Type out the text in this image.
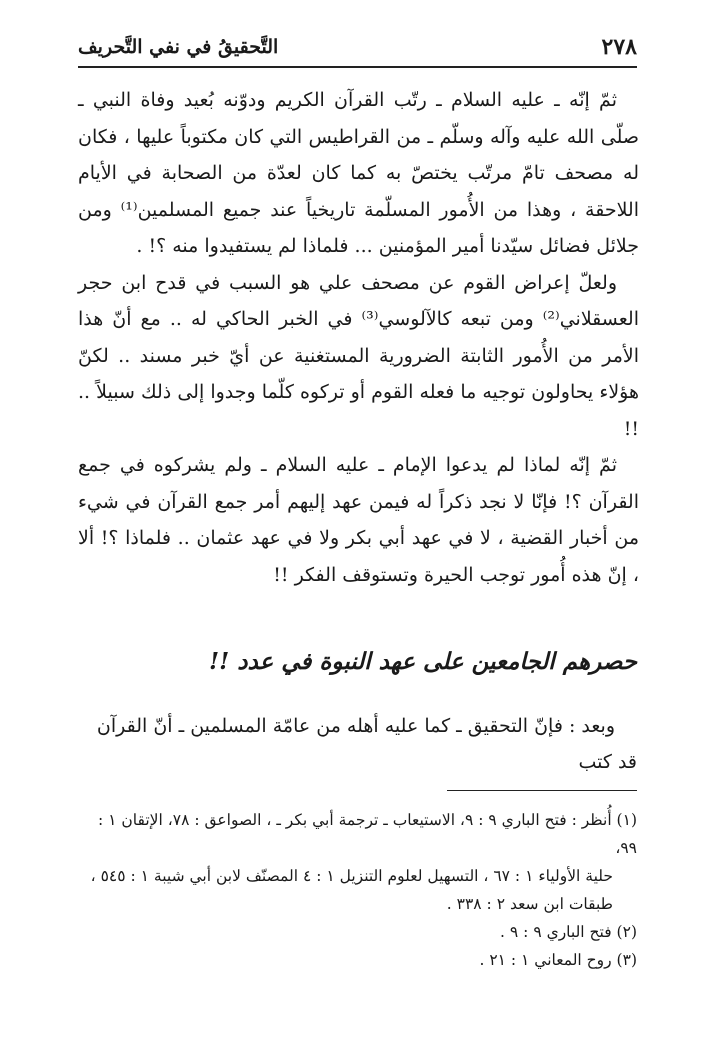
٢٧٨
التَّحقيقُ في نفي التَّحريف

ثمّ إنّه ـ عليه السلام ـ رتّب القرآن الكريم ودوّنه بُعيد وفاة النبي ـ صلّى الله عليه وآله وسلّم ـ من القراطيس التي كان مكتوباً عليها ، فكان له مصحف تامّ مرتّب يختصّ به كما كان لعدّة من الصحابة في الأيام اللاحقة ، وهذا من الأُمور المسلّمة تاريخياً عند جميع المسلمين⁽¹⁾ ومن جلائل فضائل سيّدنا أمير المؤمنين ... فلماذا لم يستفيدوا منه ؟! .

ولعلّ إعراض القوم عن مصحف علي هو السبب في قدح ابن حجر العسقلاني⁽²⁾ ومن تبعه كالآلوسي⁽³⁾ في الخبر الحاكي له .. مع أنّ هذا الأمر من الأُمور الثابتة الضرورية المستغنية عن أيّ خبر مسند .. لكنّ هؤلاء يحاولون توجيه ما فعله القوم أو تركوه كلّما وجدوا إلى ذلك سبيلاً .. !!

ثمّ إنّه لماذا لم يدعوا الإمام ـ عليه السلام ـ ولم يشركوه في جمع القرآن ؟! فإنّا لا نجد ذكراً له فيمن عهد إليهم أمر جمع القرآن في شيء من أخبار القضية ، لا في عهد أبي بكر ولا في عهد عثمان .. فلماذا ؟! ألا ، إنّ هذه أُمور توجب الحيرة وتستوقف الفكر !!

حصرهم الجامعين على عهد النبوة في عدد !!
وبعد : فإنّ التحقيق ـ كما عليه أهله من عامّة المسلمين ـ أنّ القرآن قد كتب

(١) أُنظر : فتح الباري ٩ : ٩، الاستيعاب ـ ترجمة أبي بكر ـ ، الصواعق : ٧٨، الإتقان ١ : ٩٩،
حلية الأولياء ١ : ٦٧ ، التسهيل لعلوم التنزيل ١ : ٤ المصنّف لابن أبي شيبة ١ : ٥٤٥ ،
طبقات ابن سعد ٢ : ٣٣٨ .

(٢) فتح الباري ٩ : ٩ .

(٣) روح المعاني ١ : ٢١ .
